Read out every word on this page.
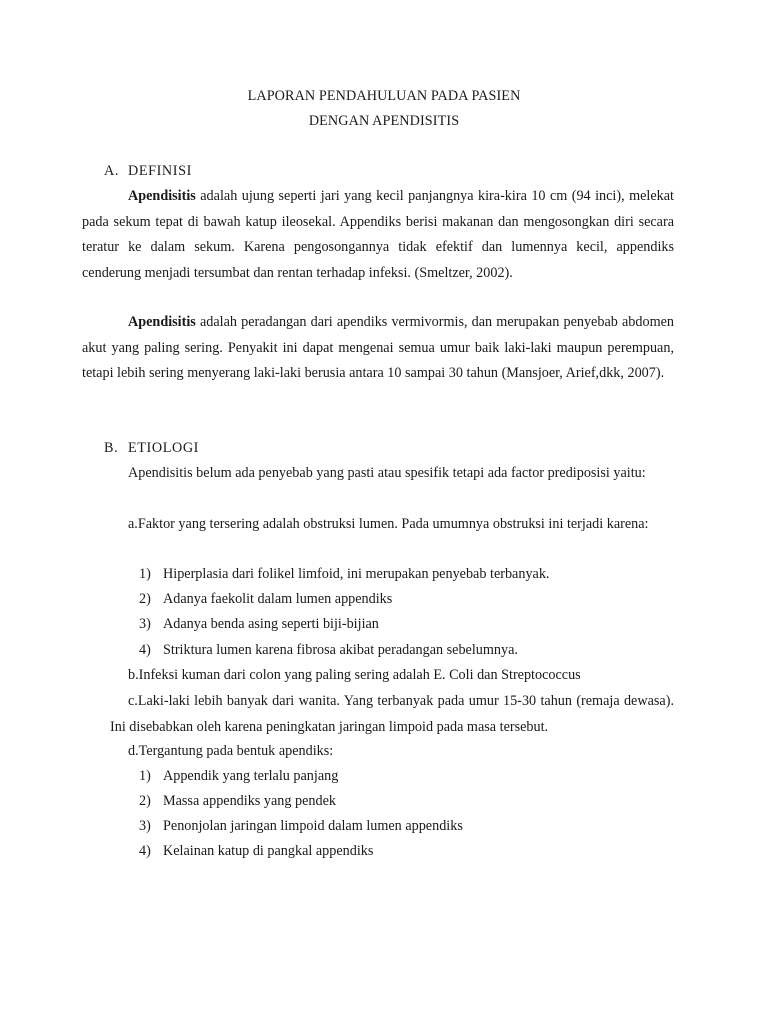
LAPORAN PENDAHULUAN PADA PASIEN
DENGAN APENDISITIS
A. DEFINISI
Apendisitis adalah ujung seperti jari yang kecil panjangnya kira-kira 10 cm (94 inci), melekat pada sekum tepat di bawah katup ileosekal. Appendiks berisi makanan dan mengosongkan diri secara teratur ke dalam sekum. Karena pengosongannya tidak efektif dan lumennya kecil, appendiks cenderung menjadi tersumbat dan rentan terhadap infeksi. (Smeltzer, 2002).
Apendisitis adalah peradangan dari apendiks vermivormis, dan merupakan penyebab abdomen akut yang paling sering. Penyakit ini dapat mengenai semua umur baik laki-laki maupun perempuan, tetapi lebih sering menyerang laki-laki berusia antara 10 sampai 30 tahun (Mansjoer, Arief,dkk, 2007).
B. ETIOLOGI
Apendisitis belum ada penyebab yang pasti atau spesifik tetapi ada factor prediposisi yaitu:
a.Faktor yang tersering adalah obstruksi lumen. Pada umumnya obstruksi ini terjadi karena:
1) Hiperplasia dari folikel limfoid, ini merupakan penyebab terbanyak.
2) Adanya faekolit dalam lumen appendiks
3) Adanya benda asing seperti biji-bijian
4) Striktura lumen karena fibrosa akibat peradangan sebelumnya.
b.Infeksi kuman dari colon yang paling sering adalah E. Coli dan Streptococcus
c.Laki-laki lebih banyak dari wanita. Yang terbanyak pada umur 15-30 tahun (remaja dewasa). Ini disebabkan oleh karena peningkatan jaringan limpoid pada masa tersebut.
d.Tergantung pada bentuk apendiks:
1) Appendik yang terlalu panjang
2) Massa appendiks yang pendek
3) Penonjolan jaringan limpoid dalam lumen appendiks
4) Kelainan katup di pangkal appendiks
